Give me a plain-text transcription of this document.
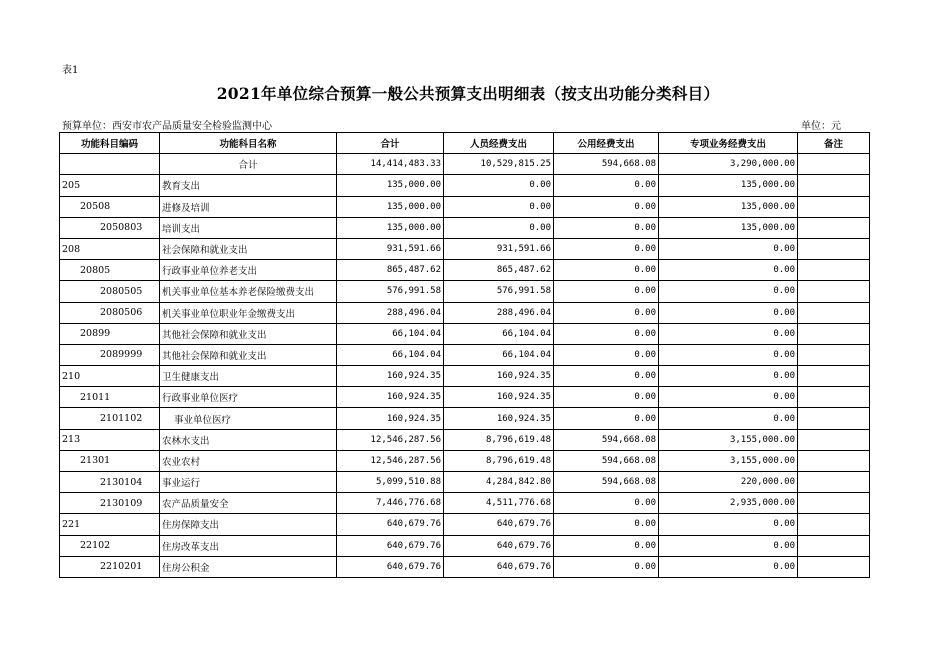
表1
2021年单位综合预算一般公共预算支出明细表（按支出功能分类科目）
预算单位：西安市农产品质量安全检验监测中心	单位：元
功能科目编码	功能科目名称	合计	人员经费支出	公用经费支出	专项业务经费支出	备注
	合计	14,414,483.33	10,529,815.25	594,668.08	3,290,000.00	
205	教育支出	135,000.00	0.00	0.00	135,000.00	
20508	进修及培训	135,000.00	0.00	0.00	135,000.00	
2050803	培训支出	135,000.00	0.00	0.00	135,000.00	
208	社会保障和就业支出	931,591.66	931,591.66	0.00	0.00	
20805	行政事业单位养老支出	865,487.62	865,487.62	0.00	0.00	
2080505	机关事业单位基本养老保险缴费支出	576,991.58	576,991.58	0.00	0.00	
2080506	机关事业单位职业年金缴费支出	288,496.04	288,496.04	0.00	0.00	
20899	其他社会保障和就业支出	66,104.04	66,104.04	0.00	0.00	
2089999	其他社会保障和就业支出	66,104.04	66,104.04	0.00	0.00	
210	卫生健康支出	160,924.35	160,924.35	0.00	0.00	
21011	行政事业单位医疗	160,924.35	160,924.35	0.00	0.00	
2101102	事业单位医疗	160,924.35	160,924.35	0.00	0.00	
213	农林水支出	12,546,287.56	8,796,619.48	594,668.08	3,155,000.00	
21301	农业农村	12,546,287.56	8,796,619.48	594,668.08	3,155,000.00	
2130104	事业运行	5,099,510.88	4,284,842.80	594,668.08	220,000.00	
2130109	农产品质量安全	7,446,776.68	4,511,776.68	0.00	2,935,000.00	
221	住房保障支出	640,679.76	640,679.76	0.00	0.00	
22102	住房改革支出	640,679.76	640,679.76	0.00	0.00	
2210201	住房公积金	640,679.76	640,679.76	0.00	0.00	
